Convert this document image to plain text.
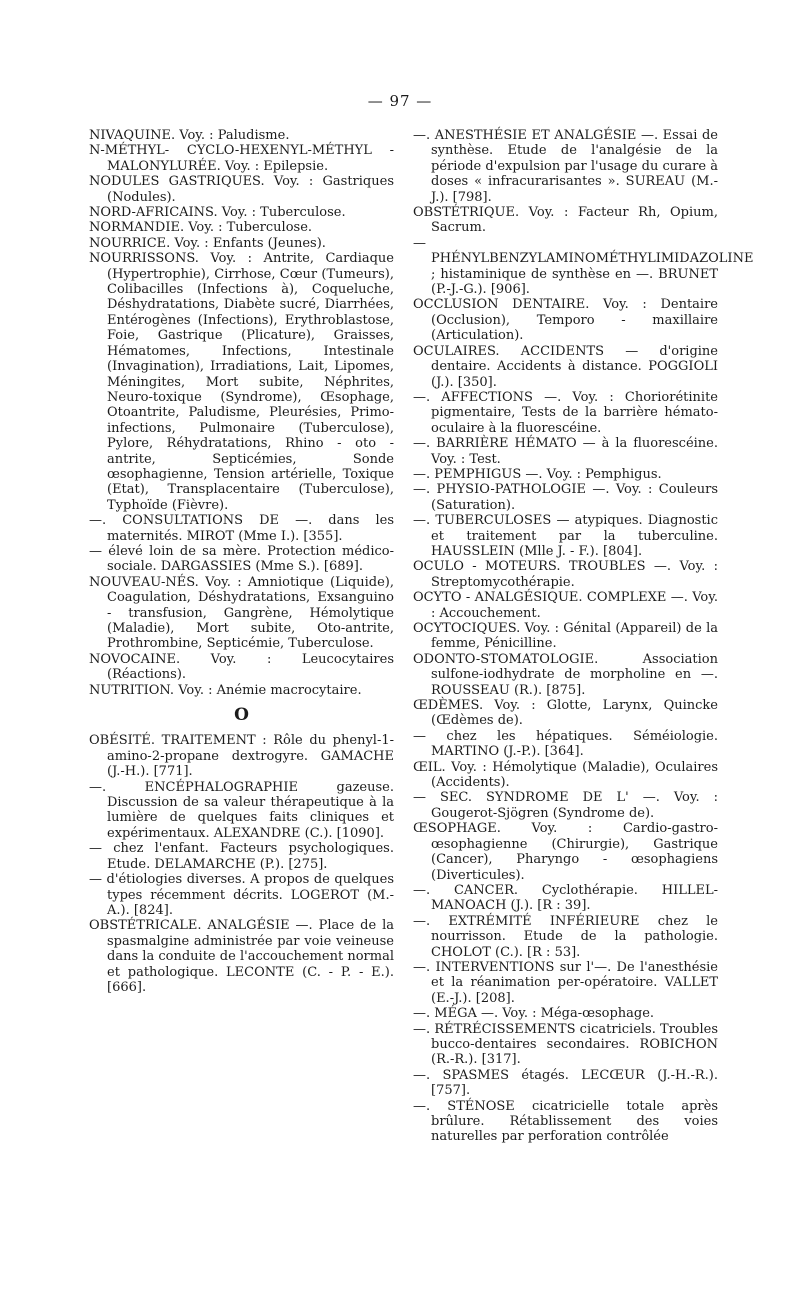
— 97 —

NIVAQUINE. Voy. : Paludisme.

N-MÉTHYL- CYCLO-HEXENYL-MÉTHYL - MALONYLURÉE. Voy. : Epilepsie.

NODULES GASTRIQUES. Voy. : Gastriques (Nodules).

NORD-AFRICAINS. Voy. : Tuberculose.

NORMANDIE. Voy. : Tuberculose.

NOURRICE. Voy. : Enfants (Jeunes).

NOURRISSONS. Voy. : Antrite, Cardiaque (Hypertrophie), Cirrhose, Cœur (Tumeurs), Colibacilles (Infections à), Coqueluche, Déshydratations, Diabète sucré, Diarrhées, Entérogènes (Infections), Erythroblastose, Foie, Gastrique (Plicature), Graisses, Hématomes, Infections, Intestinale (Invagination), Irradiations, Lait, Lipomes, Méningites, Mort subite, Néphrites, Neuro-toxique (Syndrome), Œsophage, Otoantrite, Paludisme, Pleurésies, Primo-infections, Pulmonaire (Tuberculose), Pylore, Réhydratations, Rhino - oto - antrite, Septicémies, Sonde œsophagienne, Tension artérielle, Toxique (Etat), Transplacentaire (Tuberculose), Typhoïde (Fièvre).

—. CONSULTATIONS DE —. dans les maternités. MIROT (Mme I.). [355].

— élevé loin de sa mère. Protection médico-sociale. DARGASSIES (Mme S.). [689].

NOUVEAU-NÉS. Voy. : Amniotique (Liquide), Coagulation, Déshydratations, Exsanguino - transfusion, Gangrène, Hémolytique (Maladie), Mort subite, Oto-antrite, Prothrombine, Septicémie, Tuberculose.

NOVOCAINE. Voy. : Leucocytaires (Réactions).

NUTRITION. Voy. : Anémie macrocytaire.

O

OBÉSITÉ. TRAITEMENT : Rôle du phenyl-1-amino-2-propane dextrogyre. GAMACHE (J.-H.). [771].

—. ENCÉPHALOGRAPHIE gazeuse. Discussion de sa valeur thérapeutique à la lumière de quelques faits cliniques et expérimentaux. ALEXANDRE (C.). [1090].

— chez l'enfant. Facteurs psychologiques. Etude. DELAMARCHE (P.). [275].

— d'étiologies diverses. A propos de quelques types récemment décrits. LOGEROT (M.-A.). [824].

OBSTÉTRICALE. ANALGÉSIE —. Place de la spasmalgine administrée par voie veineuse dans la conduite de l'accouchement normal et pathologique. LECONTE (C. - P. - E.). [666].

—. ANESTHÉSIE ET ANALGÉSIE —. Essai de synthèse. Etude de l'analgésie de la période d'expulsion par l'usage du curare à doses « infracurarisantes ». SUREAU (M.-J.). [798].

OBSTÉTRIQUE. Voy. : Facteur Rh, Opium, Sacrum.

— PHÉNYLBENZYLAMINOMÉTHYLIMIDAZOLINE ; histaminique de synthèse en —. BRUNET (P.-J.-G.). [906].

OCCLUSION DENTAIRE. Voy. : Dentaire (Occlusion), Temporo - maxillaire (Articulation).

OCULAIRES. ACCIDENTS — d'origine dentaire. Accidents à distance. POGGIOLI (J.). [350].

—. AFFECTIONS —. Voy. : Choriorétinite pigmentaire, Tests de la barrière hémato-oculaire à la fluorescéine.

—. BARRIÈRE HÉMATO — à la fluorescéine. Voy. : Test.

—. PEMPHIGUS —. Voy. : Pemphigus.

—. PHYSIO-PATHOLOGIE —. Voy. : Couleurs (Saturation).

—. TUBERCULOSES — atypiques. Diagnostic et traitement par la tuberculine. HAUSSLEIN (Mlle J. - F.). [804].

OCULO - MOTEURS. TROUBLES —. Voy. : Streptomycothérapie.

OCYTO - ANALGÉSIQUE. COMPLEXE —. Voy. : Accouchement.

OCYTOCIQUES. Voy. : Génital (Appareil) de la femme, Pénicilline.

ODONTO-STOMATOLOGIE. Association sulfone-iodhydrate de morpholine en —. ROUSSEAU (R.). [875].

ŒDÈMES. Voy. : Glotte, Larynx, Quincke (Œdèmes de).

— chez les hépatiques. Séméiologie. MARTINO (J.-P.). [364].

ŒIL. Voy. : Hémolytique (Maladie), Oculaires (Accidents).

— SEC. SYNDROME DE L' —. Voy. : Gougerot-Sjögren (Syndrome de).

ŒSOPHAGE. Voy. : Cardio-gastro-œsophagienne (Chirurgie), Gastrique (Cancer), Pharyngo - œsophagiens (Diverticules).

—. CANCER. Cyclothérapie. HILLEL-MANOACH (J.). [R : 39].

—. EXTRÉMITÉ INFÉRIEURE chez le nourrisson. Etude de la pathologie. CHOLOT (C.). [R : 53].

—. INTERVENTIONS sur l'—. De l'anesthésie et la réanimation per-opératoire. VALLET (E.-J.). [208].

—. MÉGA —. Voy. : Méga-œsophage.

—. RÉTRÉCISSEMENTS cicatriciels. Troubles bucco-dentaires secondaires. ROBICHON (R.-R.). [317].

—. SPASMES étagés. LECŒUR (J.-H.-R.). [757].

—. STÉNOSE cicatricielle totale après brûlure. Rétablissement des voies naturelles par perforation contrôlée
